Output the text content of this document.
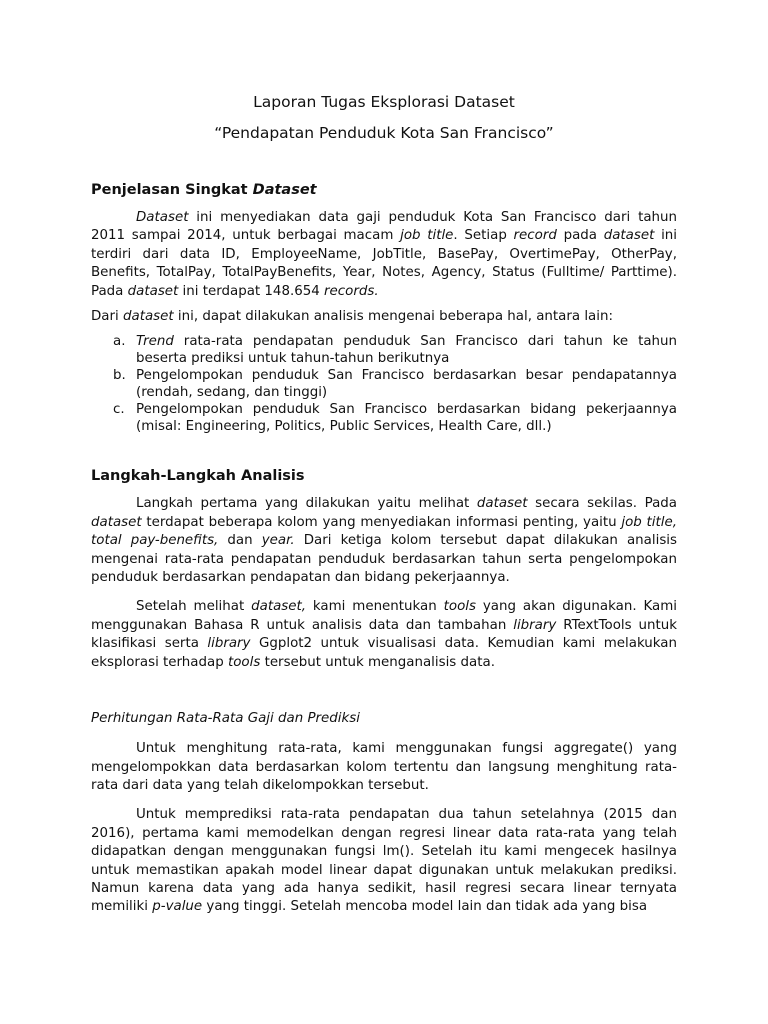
Laporan Tugas Eksplorasi Dataset
“Pendapatan Penduduk Kota San Francisco”
Penjelasan Singkat Dataset

Dataset ini menyediakan data gaji penduduk Kota San Francisco dari tahun 2011 sampai 2014, untuk berbagai macam job title. Setiap record pada dataset ini terdiri dari data ID, EmployeeName, JobTitle, BasePay, OvertimePay, OtherPay, Benefits, TotalPay, TotalPayBenefits, Year, Notes, Agency, Status (Fulltime/ Parttime). Pada dataset ini terdapat 148.654 records.

Dari dataset ini, dapat dilakukan analisis mengenai beberapa hal, antara lain:

a. Trend rata-rata pendapatan penduduk San Francisco dari tahun ke tahun beserta prediksi untuk tahun-tahun berikutnya
b. Pengelompokan penduduk San Francisco berdasarkan besar pendapatannya (rendah, sedang, dan tinggi)
c. Pengelompokan penduduk San Francisco berdasarkan bidang pekerjaannya (misal: Engineering, Politics, Public Services, Health Care, dll.)
Langkah-Langkah Analisis

Langkah pertama yang dilakukan yaitu melihat dataset secara sekilas. Pada dataset terdapat beberapa kolom yang menyediakan informasi penting, yaitu job title, total pay-benefits, dan year. Dari ketiga kolom tersebut dapat dilakukan analisis mengenai rata-rata pendapatan penduduk berdasarkan tahun serta pengelompokan penduduk berdasarkan pendapatan dan bidang pekerjaannya.

Setelah melihat dataset, kami menentukan tools yang akan digunakan. Kami menggunakan Bahasa R untuk analisis data dan tambahan library RTextTools untuk klasifikasi serta library Ggplot2 untuk visualisasi data. Kemudian kami melakukan eksplorasi terhadap tools tersebut untuk menganalisis data.

Perhitungan Rata-Rata Gaji dan Prediksi

Untuk menghitung rata-rata, kami menggunakan fungsi aggregate() yang mengelompokkan data berdasarkan kolom tertentu dan langsung menghitung rata-rata dari data yang telah dikelompokkan tersebut.

Untuk memprediksi rata-rata pendapatan dua tahun setelahnya (2015 dan 2016), pertama kami memodelkan dengan regresi linear data rata-rata yang telah didapatkan dengan menggunakan fungsi lm(). Setelah itu kami mengecek hasilnya untuk memastikan apakah model linear dapat digunakan untuk melakukan prediksi. Namun karena data yang ada hanya sedikit, hasil regresi secara linear ternyata memiliki p-value yang tinggi. Setelah mencoba model lain dan tidak ada yang bisa
